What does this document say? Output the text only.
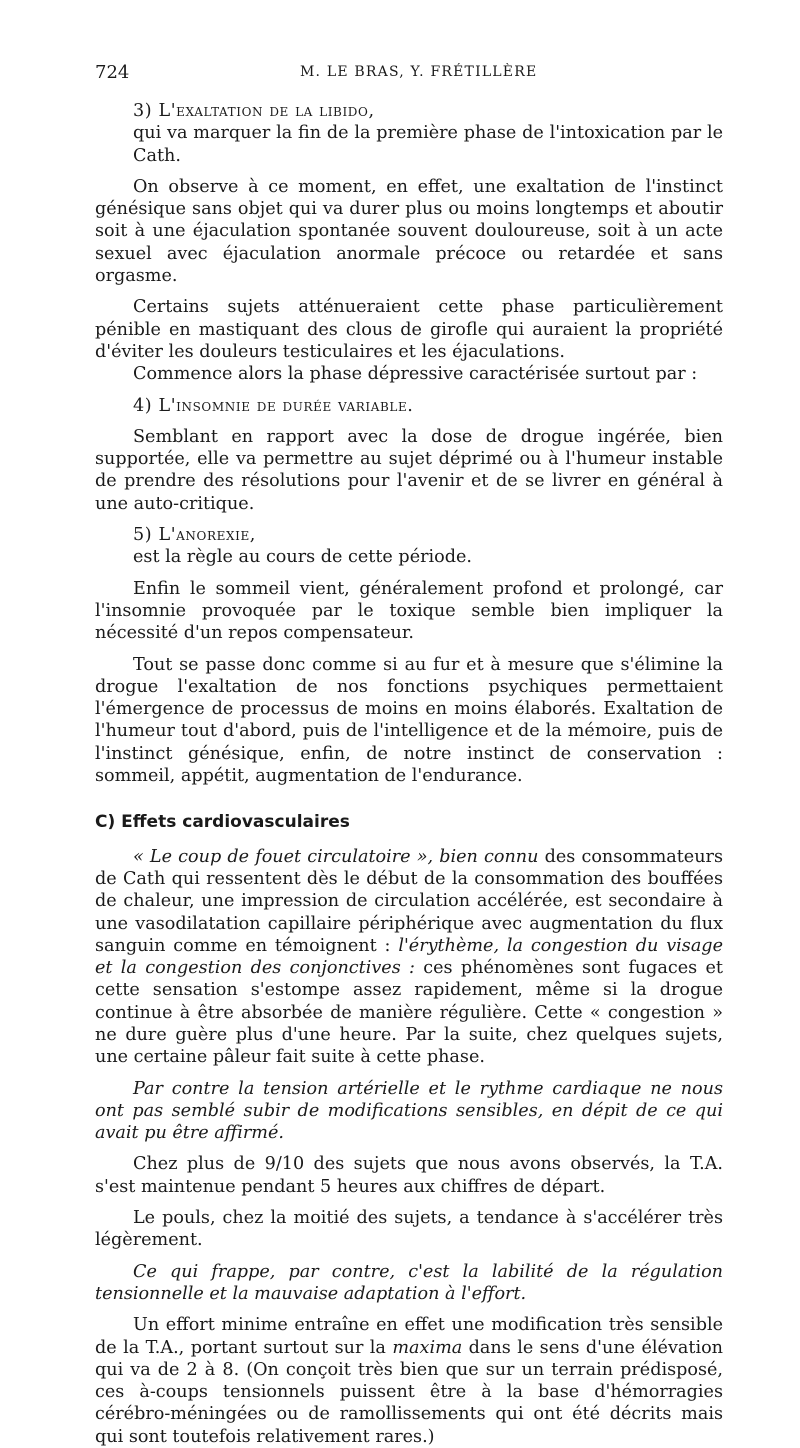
724	M. LE BRAS, Y. FRÉTILLÈRE

3) L'exaltation de la libido,

qui va marquer la fin de la première phase de l'intoxication par le Cath.

On observe à ce moment, en effet, une exaltation de l'instinct génésique sans objet qui va durer plus ou moins longtemps et aboutir soit à une éjaculation spontanée souvent douloureuse, soit à un acte sexuel avec éjaculation anormale précoce ou retardée et sans orgasme.

Certains sujets atténueraient cette phase particulièrement pénible en mastiquant des clous de girofle qui auraient la propriété d'éviter les douleurs testiculaires et les éjaculations.

Commence alors la phase dépressive caractérisée surtout par :

4) L'insomnie de durée variable.

Semblant en rapport avec la dose de drogue ingérée, bien supportée, elle va permettre au sujet déprimé ou à l'humeur instable de prendre des résolutions pour l'avenir et de se livrer en général à une auto-critique.

5) L'anorexie,

est la règle au cours de cette période.

Enfin le sommeil vient, généralement profond et prolongé, car l'insomnie provoquée par le toxique semble bien impliquer la nécessité d'un repos compensateur.

Tout se passe donc comme si au fur et à mesure que s'élimine la drogue l'exaltation de nos fonctions psychiques permettaient l'émergence de processus de moins en moins élaborés. Exaltation de l'humeur tout d'abord, puis de l'intelligence et de la mémoire, puis de l'instinct génésique, enfin, de notre instinct de conservation : sommeil, appétit, augmentation de l'endurance.

C) Effets cardiovasculaires

« Le coup de fouet circulatoire », bien connu des consommateurs de Cath qui ressentent dès le début de la consommation des bouffées de chaleur, une impression de circulation accélérée, est secondaire à une vasodilatation capillaire périphérique avec augmentation du flux sanguin comme en témoignent : l'érythème, la congestion du visage et la congestion des conjonctives : ces phénomènes sont fugaces et cette sensation s'estompe assez rapidement, même si la drogue continue à être absorbée de manière régulière. Cette « congestion » ne dure guère plus d'une heure. Par la suite, chez quelques sujets, une certaine pâleur fait suite à cette phase.

Par contre la tension artérielle et le rythme cardiaque ne nous ont pas semblé subir de modifications sensibles, en dépit de ce qui avait pu être affirmé.

Chez plus de 9/10 des sujets que nous avons observés, la T.A. s'est maintenue pendant 5 heures aux chiffres de départ.

Le pouls, chez la moitié des sujets, a tendance à s'accélérer très légèrement.

Ce qui frappe, par contre, c'est la labilité de la régulation tensionnelle et la mauvaise adaptation à l'effort.

Un effort minime entraîne en effet une modification très sensible de la T.A., portant surtout sur la maxima dans le sens d'une élévation qui va de 2 à 8. (On conçoit très bien que sur un terrain prédisposé, ces à-coups tensionnels puissent être à la base d'hémorragies cérébro-méningées ou de ramollissements qui ont été décrits mais qui sont toutefois relativement rares.)
